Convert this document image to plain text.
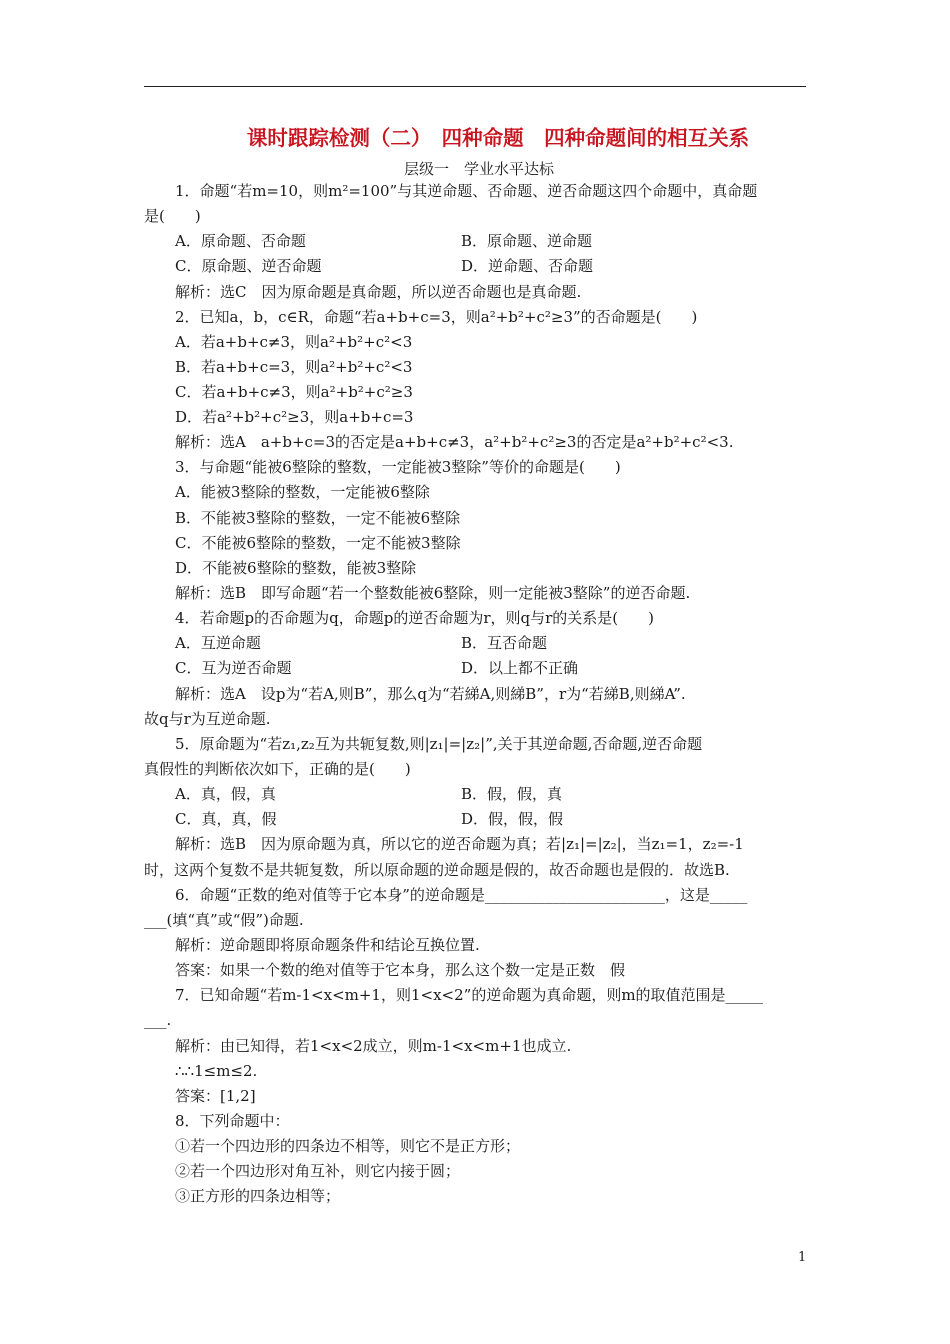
课时跟踪检测（二）　四种命题　四种命题间的相互关系
层级一　学业水平达标
1．命题“若m=10，则m²=100”与其逆命题、否命题、逆否命题这四个命题中，真命题
是(　　)
A．原命题、否命题	B．原命题、逆命题
C．原命题、逆否命题	D．逆命题、否命题
解析：选C　因为原命题是真命题，所以逆否命题也是真命题.
2．已知a，b，c∈R，命题“若a+b+c=3，则a²+b²+c²≥3”的否命题是(　　)
A．若a+b+c≠3，则a²+b²+c²<3
B．若a+b+c=3，则a²+b²+c²<3
C．若a+b+c≠3，则a²+b²+c²≥3
D．若a²+b²+c²≥3，则a+b+c=3
解析：选A　a+b+c=3的否定是a+b+c≠3，a²+b²+c²≥3的否定是a²+b²+c²<3.
3．与命题“能被6整除的整数，一定能被3整除”等价的命题是(　　)
A．能被3整除的整数，一定能被6整除
B．不能被3整除的整数，一定不能被6整除
C．不能被6整除的整数，一定不能被3整除
D．不能被6整除的整数，能被3整除
解析：选B　即写命题“若一个整数能被6整除，则一定能被3整除”的逆否命题.
4．若命题p的否命题为q，命题p的逆否命题为r，则q与r的关系是(　　)
A．互逆命题	B．互否命题
C．互为逆否命题	D．以上都不正确
解析：选A　设p为“若A,则B”，那么q为“若綈A,则綈B”，r为“若綈B,则綈A”.
故q与r为互逆命题.
5．原命题为“若z₁,z₂互为共轭复数,则|z₁|=|z₂|”,关于其逆命题,否命题,逆否命题
真假性的判断依次如下，正确的是(　　)
A．真，假，真	B．假，假，真
C．真，真，假	D．假，假，假
解析：选B　因为原命题为真，所以它的逆否命题为真；若|z₁|=|z₂|，当z₁=1，z₂=-1
时，这两个复数不是共轭复数，所以原命题的逆命题是假的，故否命题也是假的．故选B.
6．命题“正数的绝对值等于它本身”的逆命题是________________________，这是_____
___(填“真”或“假”)命题.
解析：逆命题即将原命题条件和结论互换位置.
答案：如果一个数的绝对值等于它本身，那么这个数一定是正数　假
7．已知命题“若m-1<x<m+1，则1<x<2”的逆命题为真命题，则m的取值范围是_____
___.
解析：由已知得，若1<x<2成立，则m-1<x<m+1也成立.
∴∴1≤m≤2.
答案：[1,2]
8．下列命题中：
①若一个四边形的四条边不相等，则它不是正方形；
②若一个四边形对角互补，则它内接于圆；
③正方形的四条边相等；
1
